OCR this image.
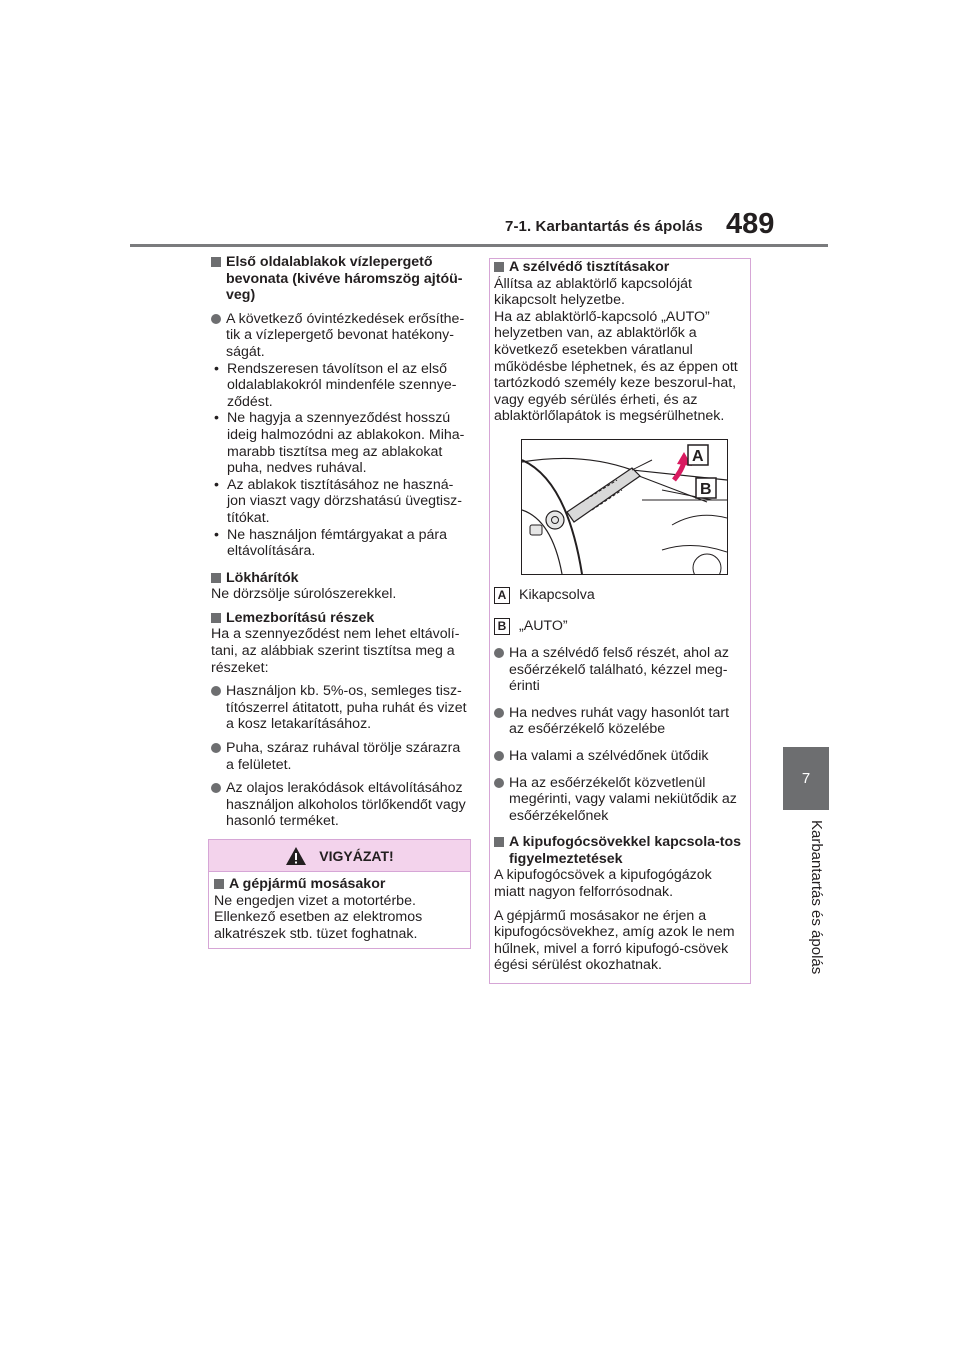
7-1. Karbantartás és ápolás 489
7
Karbantartás és ápolás
Első oldalablakok vízlepergető bevonata (kivéve háromszög ajtóü-veg)
A következő óvintézkedések erősíthe-tik a vízlepergető bevonat hatékony-ságát.
• Rendszeresen távolítson el az első oldalablakokról mindenféle szennye-ződést.
• Ne hagyja a szennyeződést hosszú ideig halmozódni az ablakokon. Miha-marabb tisztítsa meg az ablakokat puha, nedves ruhával.
• Az ablakok tisztításához ne haszná-jon viaszt vagy dörzshatású üvegtisz-títókat.
• Ne használjon fémtárgyakat a pára eltávolítására.
Lökhárítók

Ne dörzsölje súrolószerekkel.

Lemezborítású részek

Ha a szennyeződést nem lehet eltávolí-tani, az alábbiak szerint tisztítsa meg a részeket:

Használjon kb. 5%-os, semleges tisz-títószerrel átitatott, puha ruhát és vizet a kosz letakarításához.
Puha, száraz ruhával törölje szárazra a felületet.
Az olajos lerakódások eltávolításához használjon alkoholos törlőkendőt vagy hasonló terméket.
VIGYÁZAT!
A gépjármű mosásakor

Ne engedjen vizet a motortérbe. Ellenkező esetben az elektromos alkatrészek stb. tüzet foghatnak.

A szélvédő tisztításakor

Állítsa az ablaktörlő kapcsolóját kikapcsolt helyzetbe.
Ha az ablaktörlő-kapcsoló „AUTO” helyzetben van, az ablaktörlők a következő esetekben váratlanul működésbe léphetnek, és az éppen ott tartózkodó személy keze beszorul-hat, vagy egyéb sérülés érheti, és az ablaktörlőlapátok is megsérülhetnek.

A
B
A Kikapcsolva
B „AUTO”
Ha a szélvédő felső részét, ahol az esőérzékelő található, kézzel meg-érinti
Ha nedves ruhát vagy hasonlót tart az esőérzékelő közelébe
Ha valami a szélvédőnek ütődik
Ha az esőérzékelőt közvetlenül megérinti, vagy valami nekiütődik az esőérzékelőnek
A kipufogócsövekkel kapcsola-tos figyelmeztetések

A kipufogócsövek a kipufogógázok miatt nagyon felforrósodnak.

A gépjármű mosásakor ne érjen a kipufogócsövekhez, amíg azok le nem hűlnek, mivel a forró kipufogó-csövek égési sérülést okozhatnak.
